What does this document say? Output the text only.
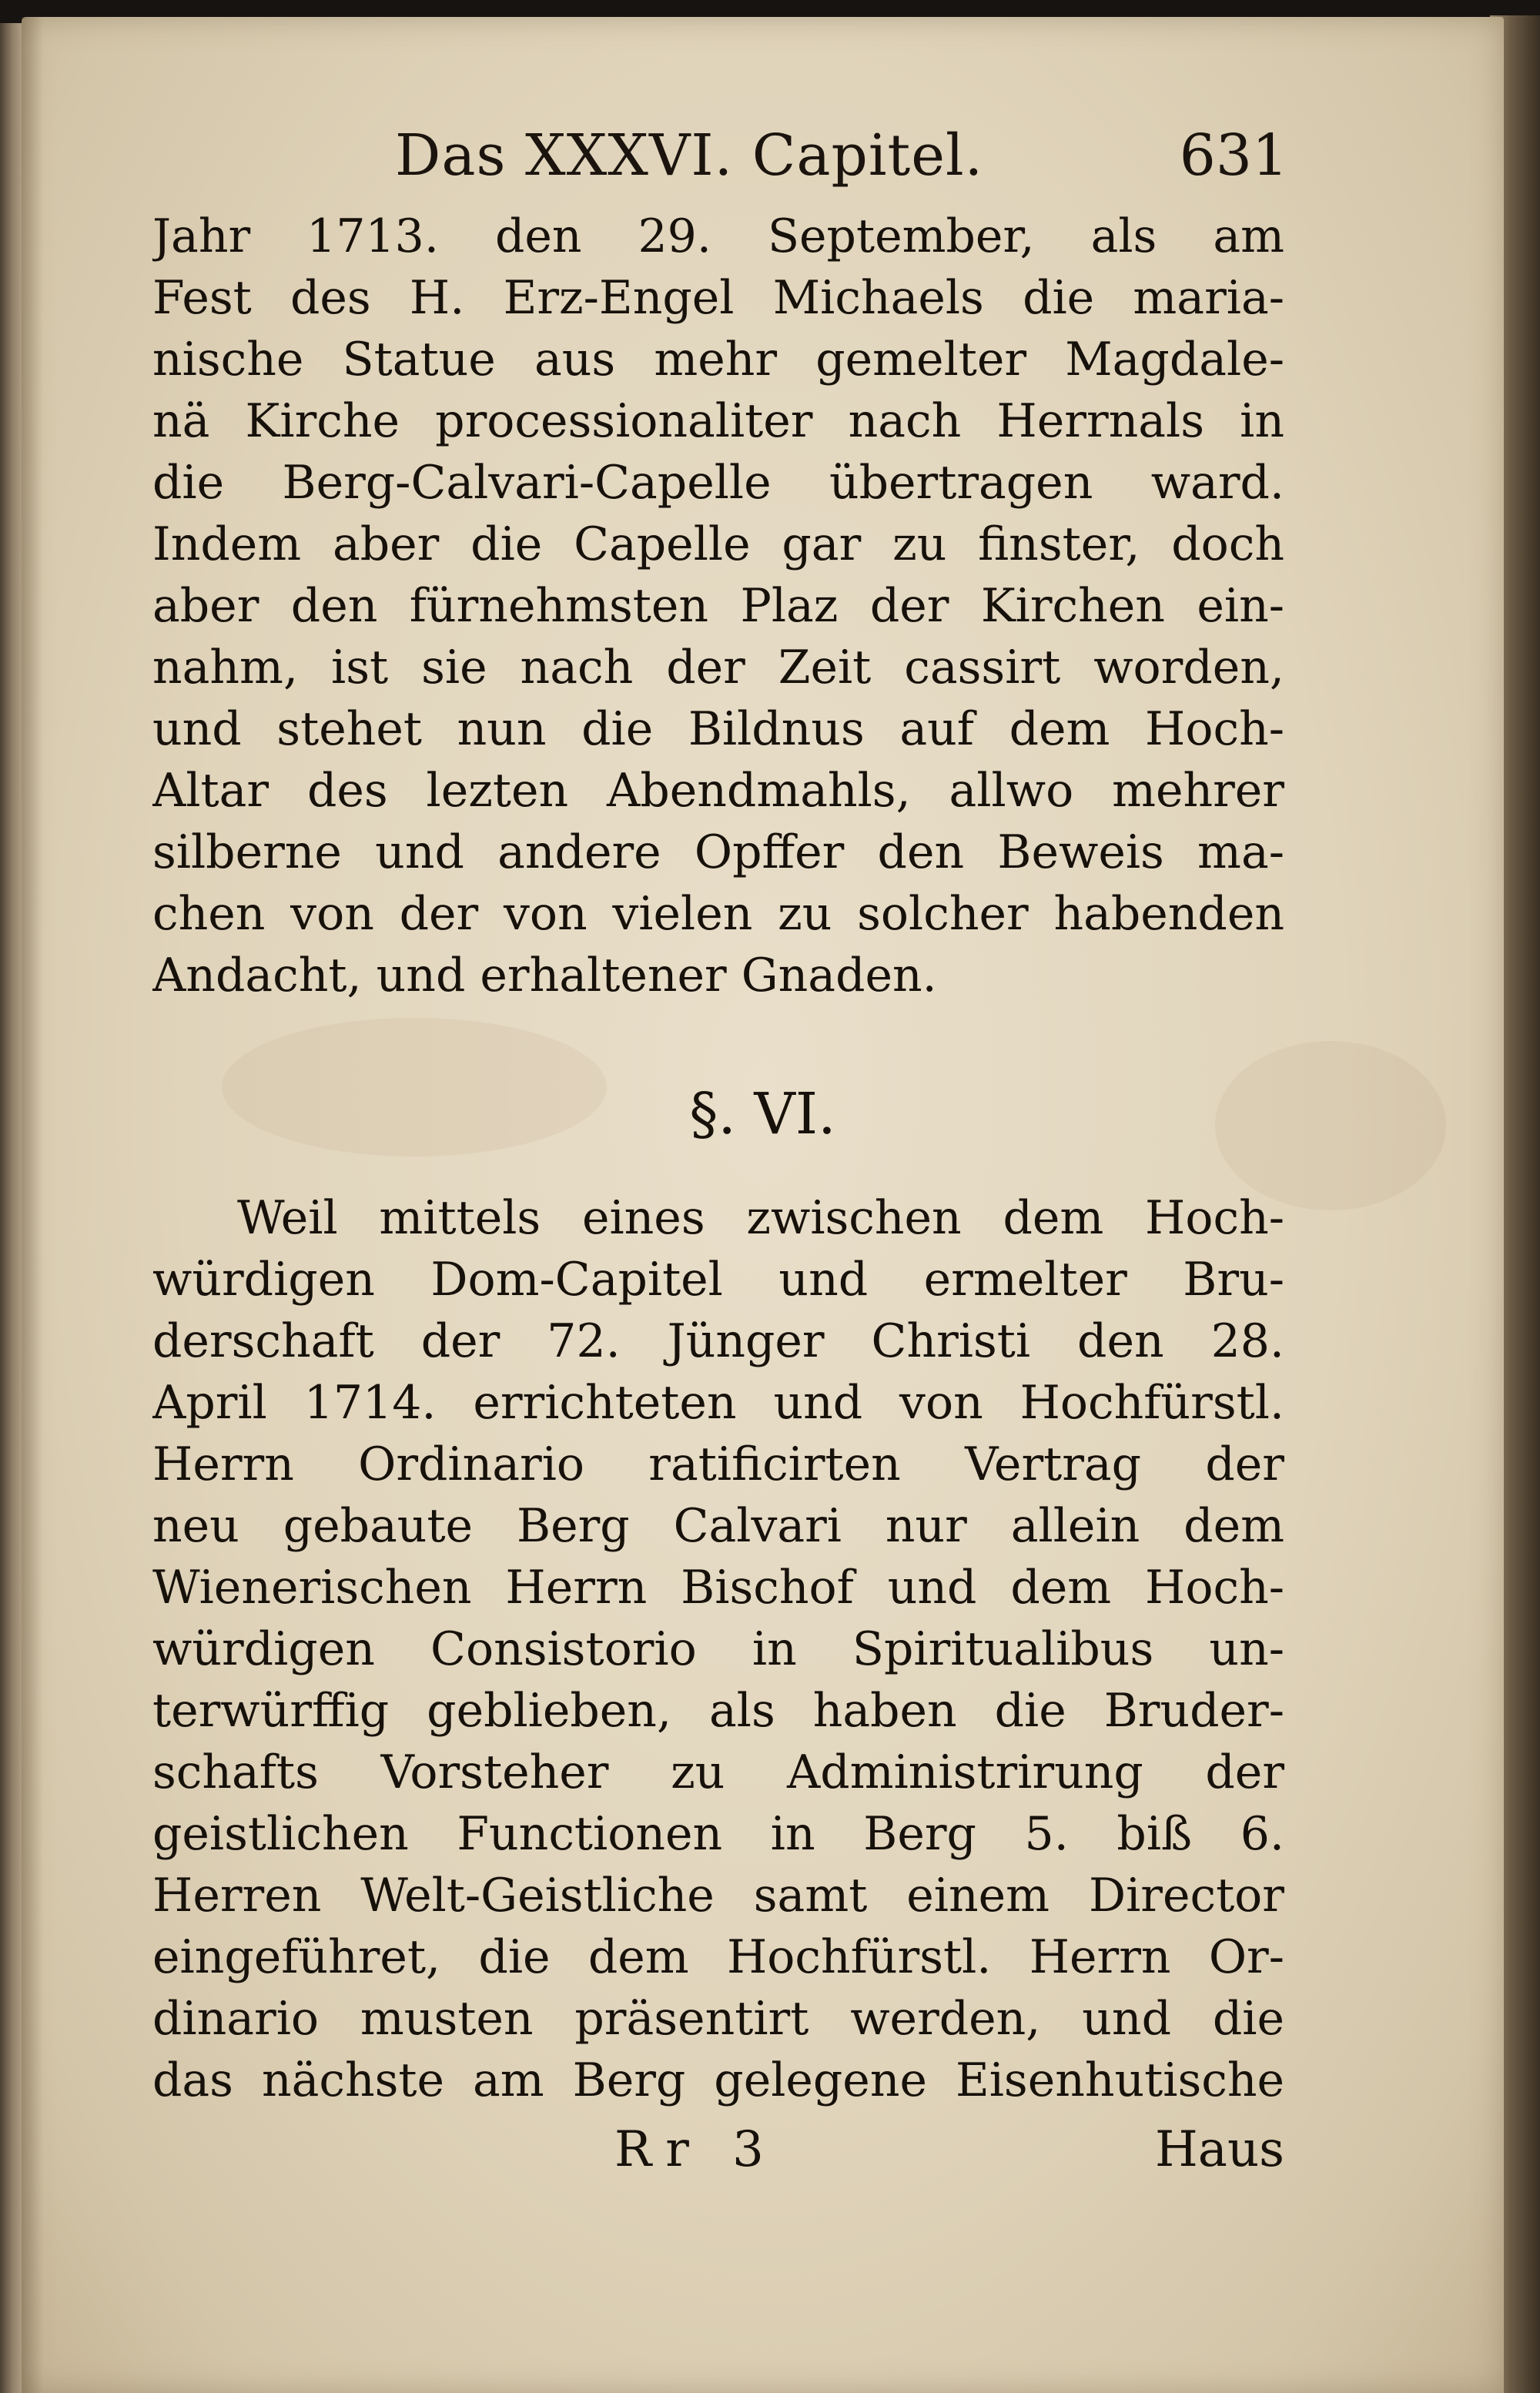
Das XXXVI. Capitel.	631
Jahr 1713. den 29. September, als am
Fest des H. Erz-Engel Michaels die maria-
nische Statue aus mehr gemelter Magdale-
nä Kirche processionaliter nach Herrnals in
die Berg-Calvari-Capelle übertragen ward.
Indem aber die Capelle gar zu finster, doch
aber den fürnehmsten Plaz der Kirchen ein-
nahm, ist sie nach der Zeit cassirt worden,
und stehet nun die Bildnus auf dem Hoch-
Altar des lezten Abendmahls, allwo mehrer
silberne und andere Opffer den Beweis ma-
chen von der von vielen zu solcher habenden
Andacht, und erhaltener Gnaden.
§. VI.
Weil mittels eines zwischen dem Hoch-
würdigen Dom-Capitel und ermelter Bru-
derschaft der 72. Jünger Christi den 28.
April 1714. errichteten und von Hochfürstl.
Herrn Ordinario ratificirten Vertrag der
neu gebaute Berg Calvari nur allein dem
Wienerischen Herrn Bischof und dem Hoch-
würdigen Consistorio in Spiritualibus un-
terwürffig geblieben, als haben die Bruder-
schafts Vorsteher zu Administrirung der
geistlichen Functionen in Berg 5. biß 6.
Herren Welt-Geistliche samt einem Director
eingeführet, die dem Hochfürstl. Herrn Or-
dinario musten präsentirt werden, und die
das nächste am Berg gelegene Eisenhutische
Rr 3	Haus
